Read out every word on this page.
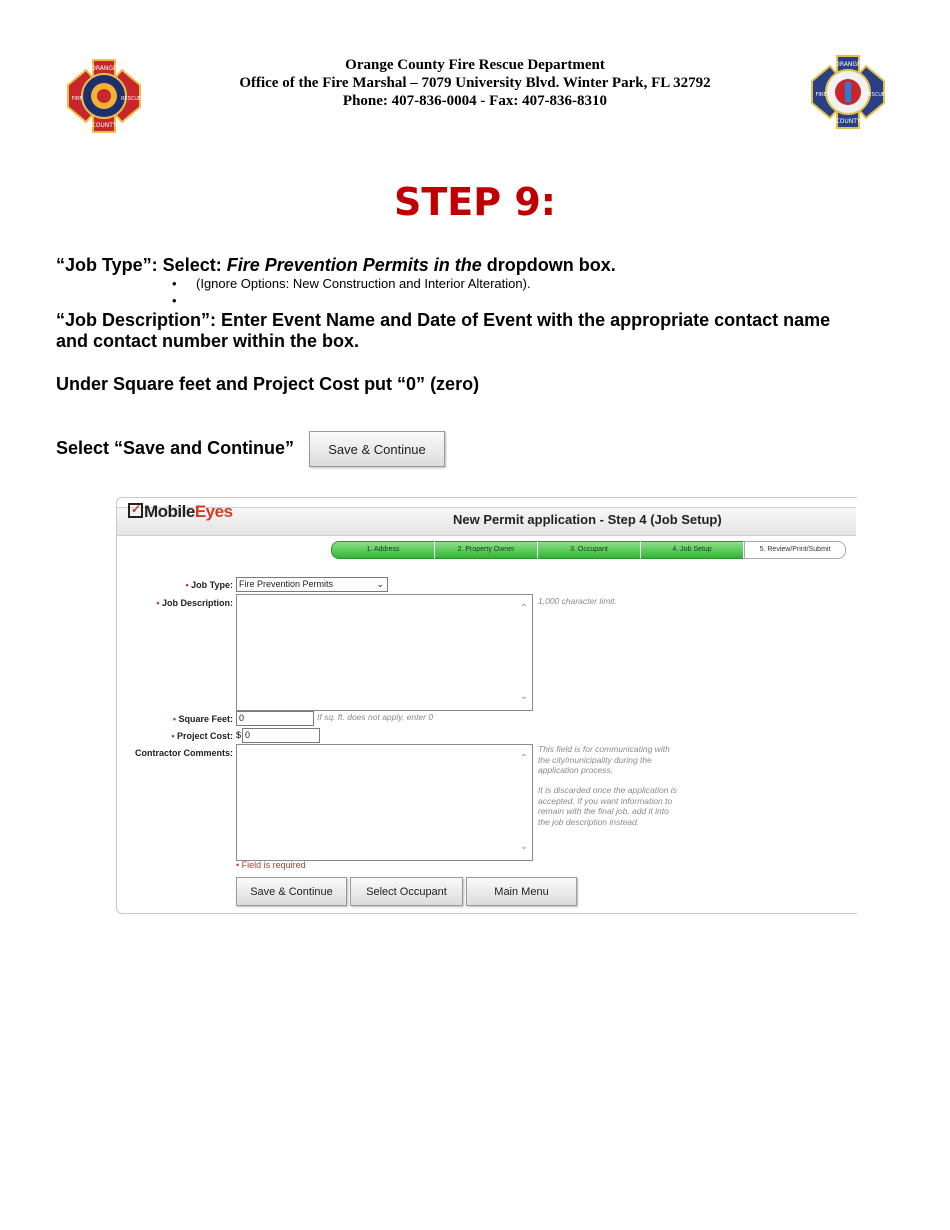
ORANGE
FIRE	RESCUE
COUNTY
Orange County Fire Rescue Department
Office of the Fire Marshal – 7079 University Blvd. Winter Park, FL 32792
Phone: 407-836-0004 - Fax: 407-836-8310
ORANGE
FIRE	RESCUE
COUNTY
STEP 9:
“Job Type”: Select: Fire Prevention Permits in the dropdown box.
• (Ignore Options: New Construction and Interior Alteration).
•
“Job Description”: Enter Event Name and Date of Event with the appropriate contact name
and contact number within the box.
Under Square feet and Project Cost put “0” (zero)
Select “Save and Continue”	Save & Continue
✓ MobileEyes	New Permit application - Step 4 (Job Setup)
1. Address	2. Property Owner	3. Occupant	4. Job Setup	5. Review/Print/Submit
• Job Type: Fire Prevention Permits	⌄
• Job Description:	⌃
⌄
1,000 character limit.
• Square Feet: 0	If sq. ft. does not apply, enter 0
• Project Cost: $ 0
Contractor Comments:	⌃
⌄
This field is for communicating with
the city/municipality during the
application process.
It is discarded once the application is
accepted. If you want information to
remain with the final job, add it into
the job description instead.
• Field is required
Save & Continue	Select Occupant	Main Menu
